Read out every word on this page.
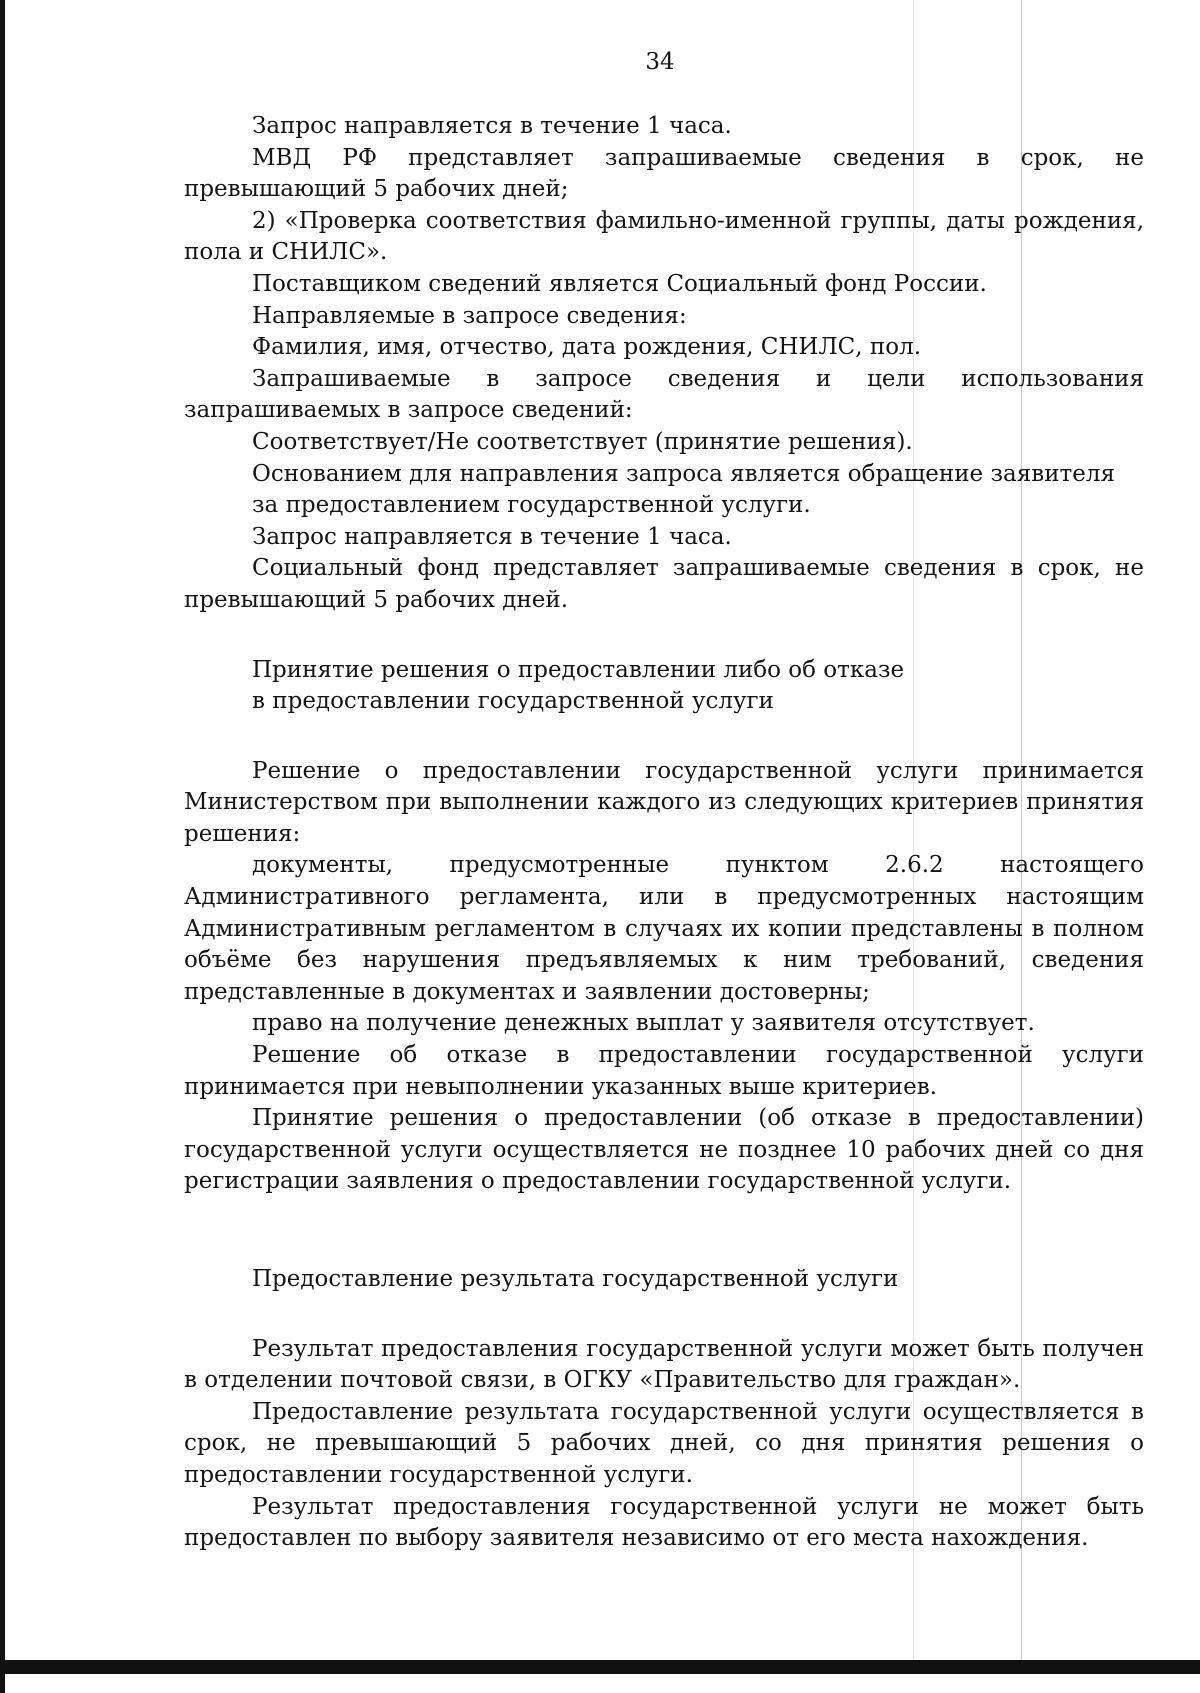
34

Запрос направляется в течение 1 часа.

МВД РФ представляет запрашиваемые сведения в срок, не превышающий 5 рабочих дней;

2) «Проверка соответствия фамильно-именной группы, даты рождения, пола и СНИЛС».

Поставщиком сведений является Социальный фонд России.

Направляемые в запросе сведения:

Фамилия, имя, отчество, дата рождения, СНИЛС, пол.

Запрашиваемые в запросе сведения и цели использования запрашиваемых в запросе сведений:

Соответствует/Не соответствует (принятие решения).

Основанием для направления запроса является обращение заявителя

за предоставлением государственной услуги.

Запрос направляется в течение 1 часа.

Социальный фонд представляет запрашиваемые сведения в срок, не превышающий 5 рабочих дней.

Принятие решения о предоставлении либо об отказе

в предоставлении государственной услуги

Решение о предоставлении государственной услуги принимается Министерством при выполнении каждого из следующих критериев принятия решения:

документы, предусмотренные пунктом 2.6.2 настоящего Административного регламента, или в предусмотренных настоящим Административным регламентом в случаях их копии представлены в полном объёме без нарушения предъявляемых к ним требований, сведения представленные в документах и заявлении достоверны;

право на получение денежных выплат у заявителя отсутствует.

Решение об отказе в предоставлении государственной услуги принимается при невыполнении указанных выше критериев.

Принятие решения о предоставлении (об отказе в предоставлении) государственной услуги осуществляется не позднее 10 рабочих дней со дня регистрации заявления о предоставлении государственной услуги.

Предоставление результата государственной услуги

Результат предоставления государственной услуги может быть получен в отделении почтовой связи, в ОГКУ «Правительство для граждан».

Предоставление результата государственной услуги осуществляется в срок, не превышающий 5 рабочих дней, со дня принятия решения о предоставлении государственной услуги.

Результат предоставления государственной услуги не может быть предоставлен по выбору заявителя независимо от его места нахождения.
